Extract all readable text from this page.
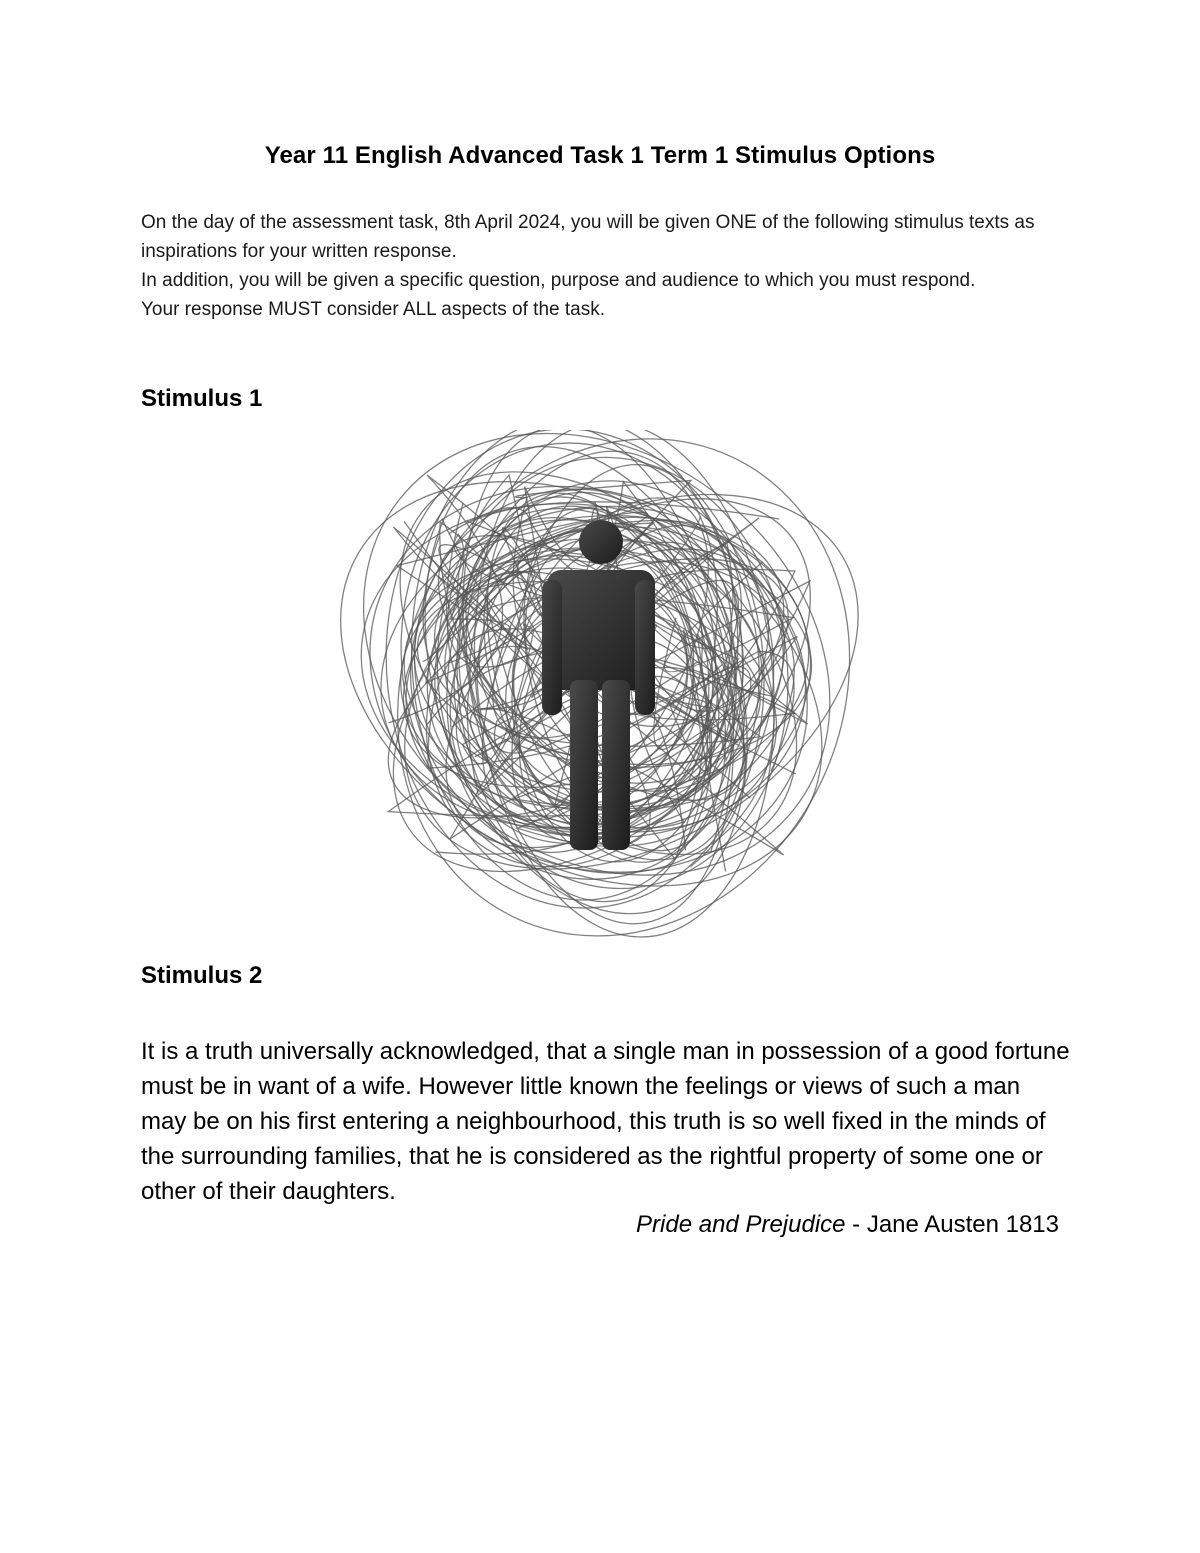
Year 11 English Advanced Task 1 Term 1 Stimulus Options

On the day of the assessment task, 8th April 2024, you will be given ONE of the following stimulus texts as inspirations for your written response.

In addition, you will be given a specific question, purpose and audience to which you must respond.

Your response MUST consider ALL aspects of the task.

Stimulus 1
Stimulus 2
It is a truth universally acknowledged, that a single man in possession of a good fortune must be in want of a wife. However little known the feelings or views of such a man may be on his first entering a neighbourhood, this truth is so well fixed in the minds of the surrounding families, that he is considered as the rightful property of some one or other of their daughters.
Pride and Prejudice - Jane Austen 1813
